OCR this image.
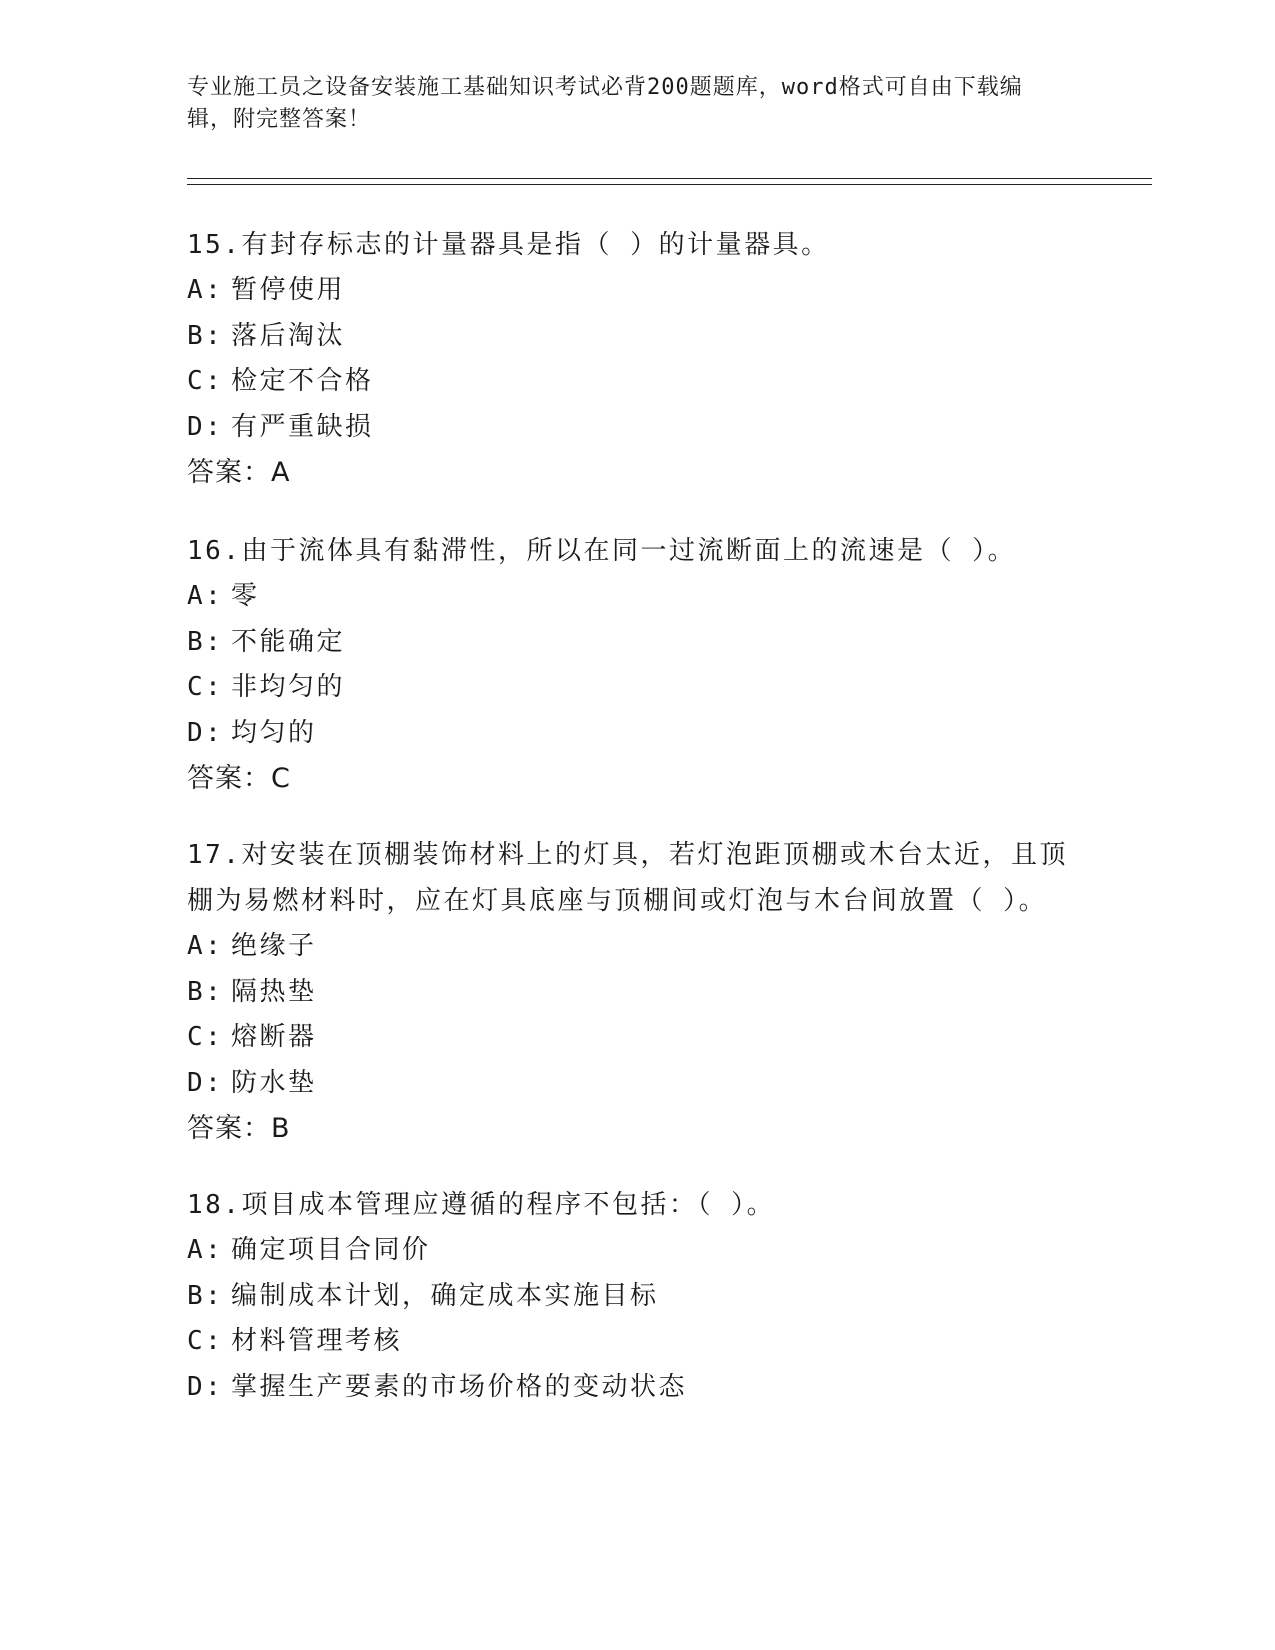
专业施工员之设备安装施工基础知识考试必背200题题库，word格式可自由下载编辑，附完整答案！
15.有封存标志的计量器具是指（ ）的计量器具。
A: 暂停使用
B: 落后淘汰
C: 检定不合格
D: 有严重缺损
答案：A
16.由于流体具有黏滞性，所以在同一过流断面上的流速是（ ）。
A: 零
B: 不能确定
C: 非均匀的
D: 均匀的
答案：C
17.对安装在顶棚装饰材料上的灯具，若灯泡距顶棚或木台太近，且顶棚为易燃材料时，应在灯具底座与顶棚间或灯泡与木台间放置（ ）。
A: 绝缘子
B: 隔热垫
C: 熔断器
D: 防水垫
答案：B
18.项目成本管理应遵循的程序不包括：（ ）。
A: 确定项目合同价
B: 编制成本计划，确定成本实施目标
C: 材料管理考核
D: 掌握生产要素的市场价格的变动状态
